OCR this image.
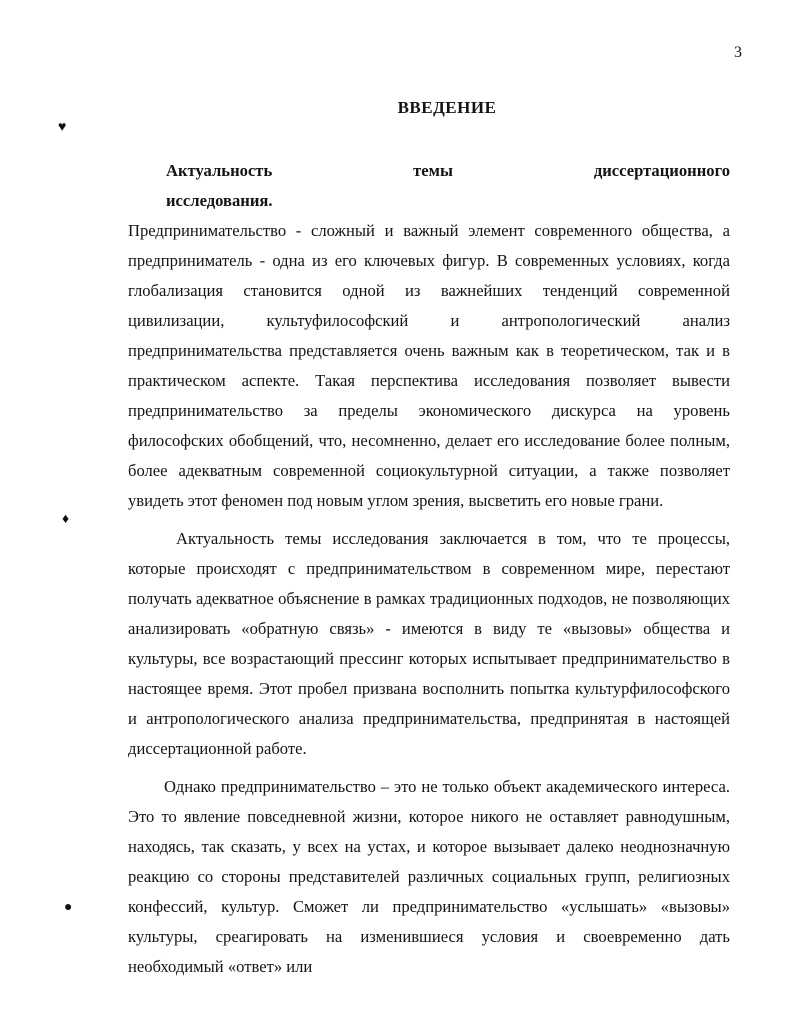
3
ВВЕДЕНИЕ
♥
♦
●

Актуальность темы диссертационного исследования.
Предпринимательство - сложный и важный элемент современного общества, а предприниматель - одна из его ключевых фигур. В современных условиях, когда глобализация становится одной из важнейших тенденций современной цивилизации, культуфилософский и антропологический анализ предпринимательства представляется очень важным как в теоретическом, так и в практическом аспекте. Такая перспектива исследования позволяет вывести предпринимательство за пределы экономического дискурса на уровень философских обобщений, что, несомненно, делает его исследование более полным, более адекватным современной социокультурной ситуации, а также позволяет увидеть этот феномен под новым углом зрения, высветить его новые грани.

Актуальность темы исследования заключается в том, что те процессы, которые происходят с предпринимательством в современном мире, перестают получать адекватное объяснение в рамках традиционных подходов, не позволяющих анализировать «обратную связь» - имеются в виду те «вызовы» общества и культуры, все возрастающий прессинг которых испытывает предпринимательство в настоящее время. Этот пробел призвана восполнить попытка культурфилософского и антропологического анализа предпринимательства, предпринятая в настоящей диссертационной работе.

Однако предпринимательство – это не только объект академического интереса. Это то явление повседневной жизни, которое никого не оставляет равнодушным, находясь, так сказать, у всех на устах, и которое вызывает далеко неоднозначную реакцию со стороны представителей различных социальных групп, религиозных конфессий, культур. Сможет ли предпринимательство «услышать» «вызовы» культуры, среагировать на изменившиеся условия и своевременно дать необходимый «ответ» или
